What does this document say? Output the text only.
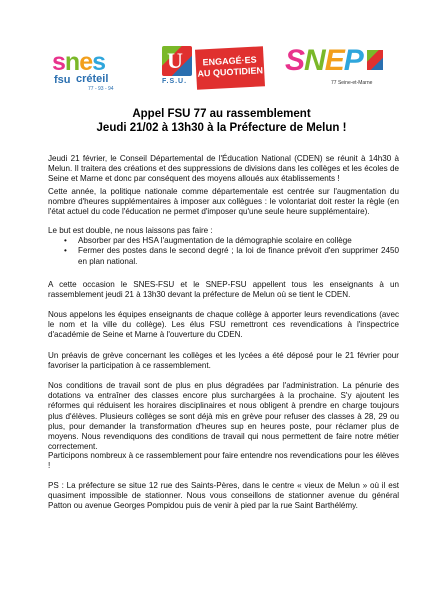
snes
fsu créteil
77 - 93 - 94
U
F.S.U.
ENGAGÉ·ES
AU QUOTIDIEN SNEP
77 Seine-et-Marne
Appel FSU 77 au rassemblement
Jeudi 21/02 à 13h30 à la Préfecture de Melun !
Jeudi 21 février, le Conseil Départemental de l'Éducation National (CDEN) se réunit à 14h30 à Melun. Il traitera des créations et des suppressions de divisions dans les collèges et les écoles de Seine et Marne et donc par conséquent des moyens alloués aux établissements !
Cette année, la politique nationale comme départementale est centrée sur l'augmentation du nombre d'heures supplémentaires à imposer aux collègues : le volontariat doit rester la règle (en l'état actuel du code l'éducation ne permet d'imposer qu'une seule heure supplémentaire).

Le but est double, ne nous laissons pas faire :

• Absorber par des HSA l'augmentation de la démographie scolaire en collège
• Fermer des postes dans le second degré ; la loi de finance prévoit d'en supprimer 2450 en plan national.
A cette occasion le SNES-FSU et le SNEP-FSU appellent tous les enseignants à un rassemblement jeudi 21 à 13h30 devant la préfecture de Melun où se tient le CDEN.
Nous appelons les équipes enseignants de chaque collège à apporter leurs revendications (avec le nom et la ville du collège). Les élus FSU remettront ces revendications à l'inspectrice d'académie de Seine et Marne à l'ouverture du CDEN.
Un préavis de grève concernant les collèges et les lycées a été déposé pour le 21 février pour favoriser la participation à ce rassemblement.
Nos conditions de travail sont de plus en plus dégradées par l'administration. La pénurie des dotations va entraîner des classes encore plus surchargées à la prochaine. S'y ajoutent les réformes qui réduisent les horaires disciplinaires et nous obligent à prendre en charge toujours plus d'élèves. Plusieurs collèges se sont déjà mis en grève pour refuser des classes à 28, 29 ou plus, pour demander la transformation d'heures sup en heures poste, pour réclamer plus de moyens. Nous revendiquons des conditions de travail qui nous permettent de faire notre métier correctement.
Participons nombreux à ce rassemblement pour faire entendre nos revendications pour les élèves !
PS : La préfecture se situe 12 rue des Saints-Pères, dans le centre « vieux de Melun » où il est quasiment impossible de stationner. Nous vous conseillons de stationner avenue du général Patton ou avenue Georges Pompidou puis de venir à pied par la rue Saint Barthélémy.
